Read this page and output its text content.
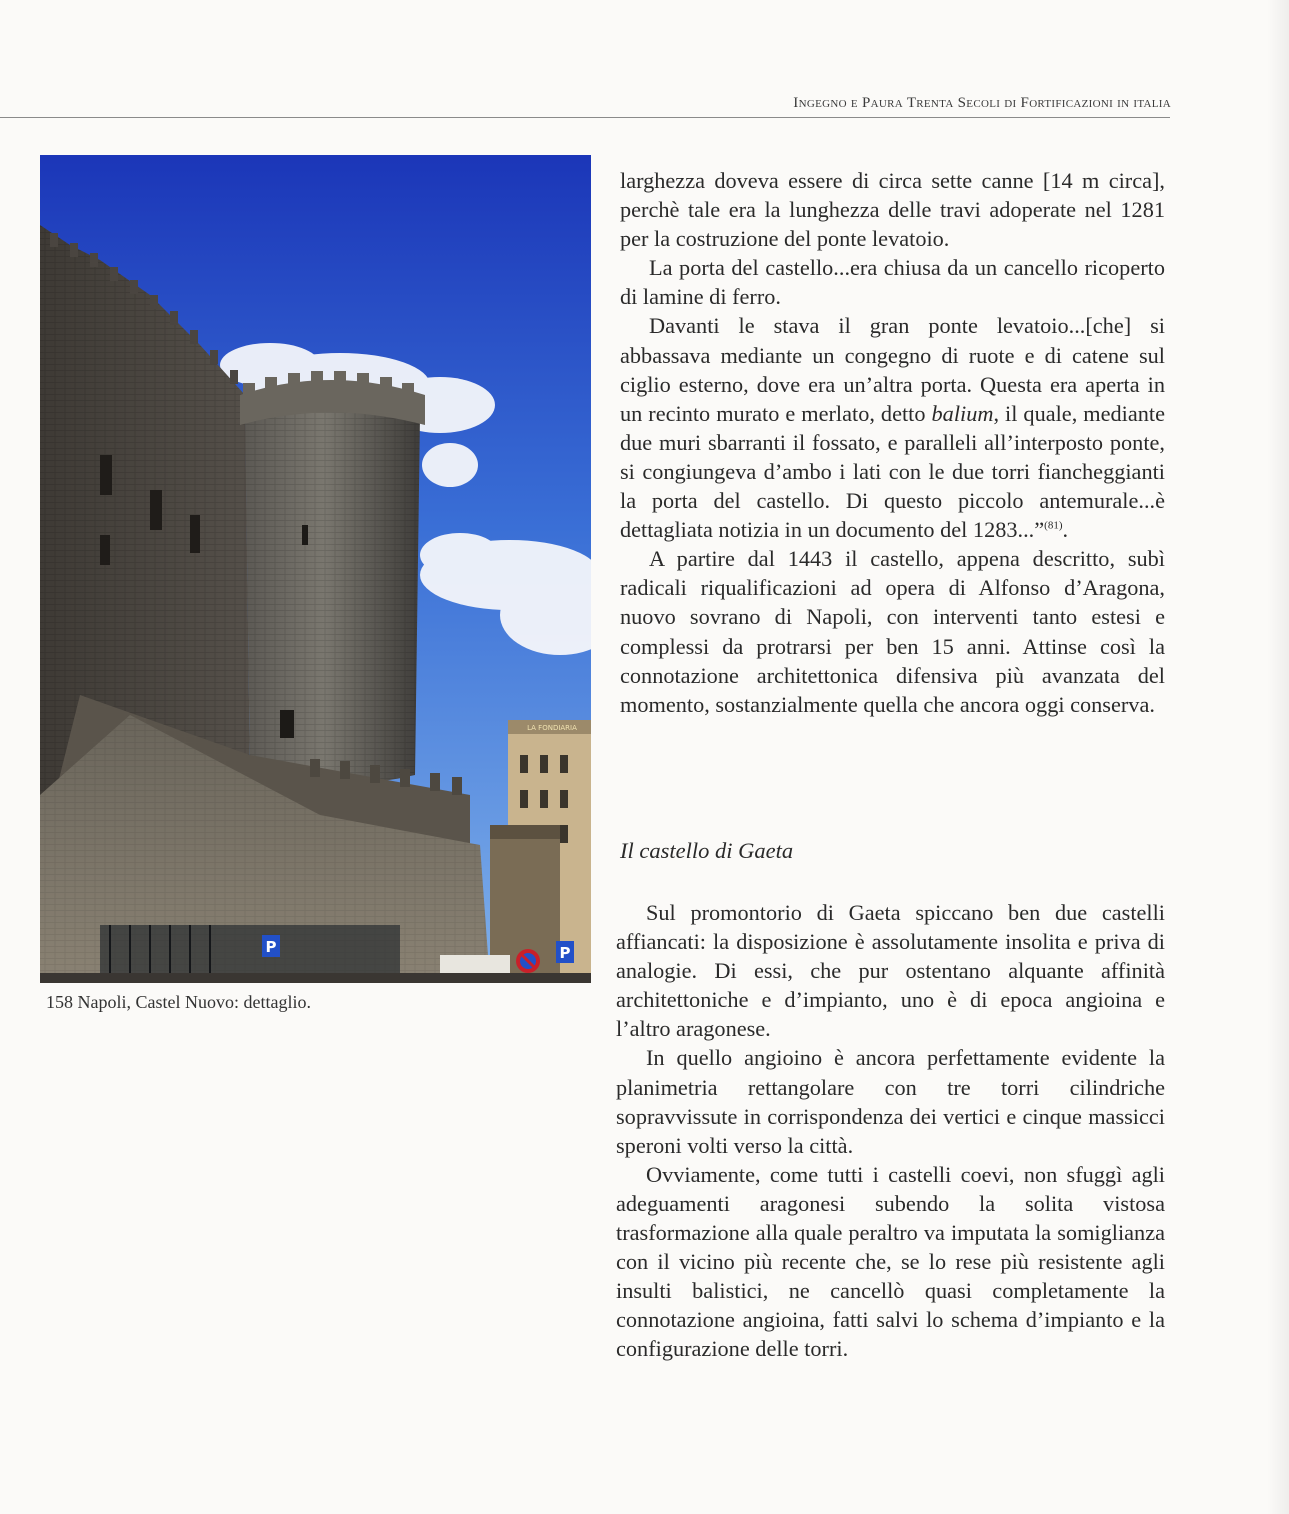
Ingegno e Paura Trenta Secoli di Fortificazioni in italia
LA FONDIARIA
P	P
158 Napoli, Castel Nuovo: dettaglio.

larghezza doveva essere di circa sette canne [14 m circa], perchè tale era la lunghezza delle travi adoperate nel 1281 per la costruzione del ponte levatoio.

La porta del castello...era chiusa da un cancello ricoperto di lamine di ferro.

Davanti le stava il gran ponte levatoio...[che] si abbassava mediante un congegno di ruote e di catene sul ciglio esterno, dove era un’altra porta. Questa era aperta in un recinto murato e merlato, detto balium, il quale, mediante due muri sbarranti il fossato, e paralleli all’interposto ponte, si congiungeva d’ambo i lati con le due torri fiancheggianti la porta del castello. Di questo piccolo antemurale...è dettagliata notizia in un documento del 1283...”$^{(81)}$.

A partire dal 1443 il castello, appena descritto, subì radicali riqualificazioni ad opera di Alfonso d’Aragona, nuovo sovrano di Napoli, con interventi tanto estesi e complessi da protrarsi per ben 15 anni. Attinse così la connotazione architettonica difensiva più avanzata del momento, sostanzialmente quella che ancora oggi conserva.

Il castello di Gaeta

Sul promontorio di Gaeta spiccano ben due castelli affiancati: la disposizione è assolutamente insolita e priva di analogie. Di essi, che pur ostentano alquante affinità architettoniche e d’impianto, uno è di epoca angioina e l’altro aragonese.

In quello angioino è ancora perfettamente evidente la planimetria rettangolare con tre torri cilindriche sopravvissute in corrispondenza dei vertici e cinque massicci speroni volti verso la città.

Ovviamente, come tutti i castelli coevi, non sfuggì agli adeguamenti aragonesi subendo la solita vistosa trasformazione alla quale peraltro va imputata la somiglianza con il vicino più recente che, se lo rese più resistente agli insulti balistici, ne cancellò quasi completamente la connotazione angioina, fatti salvi lo schema d’impianto e la configurazione delle torri.
